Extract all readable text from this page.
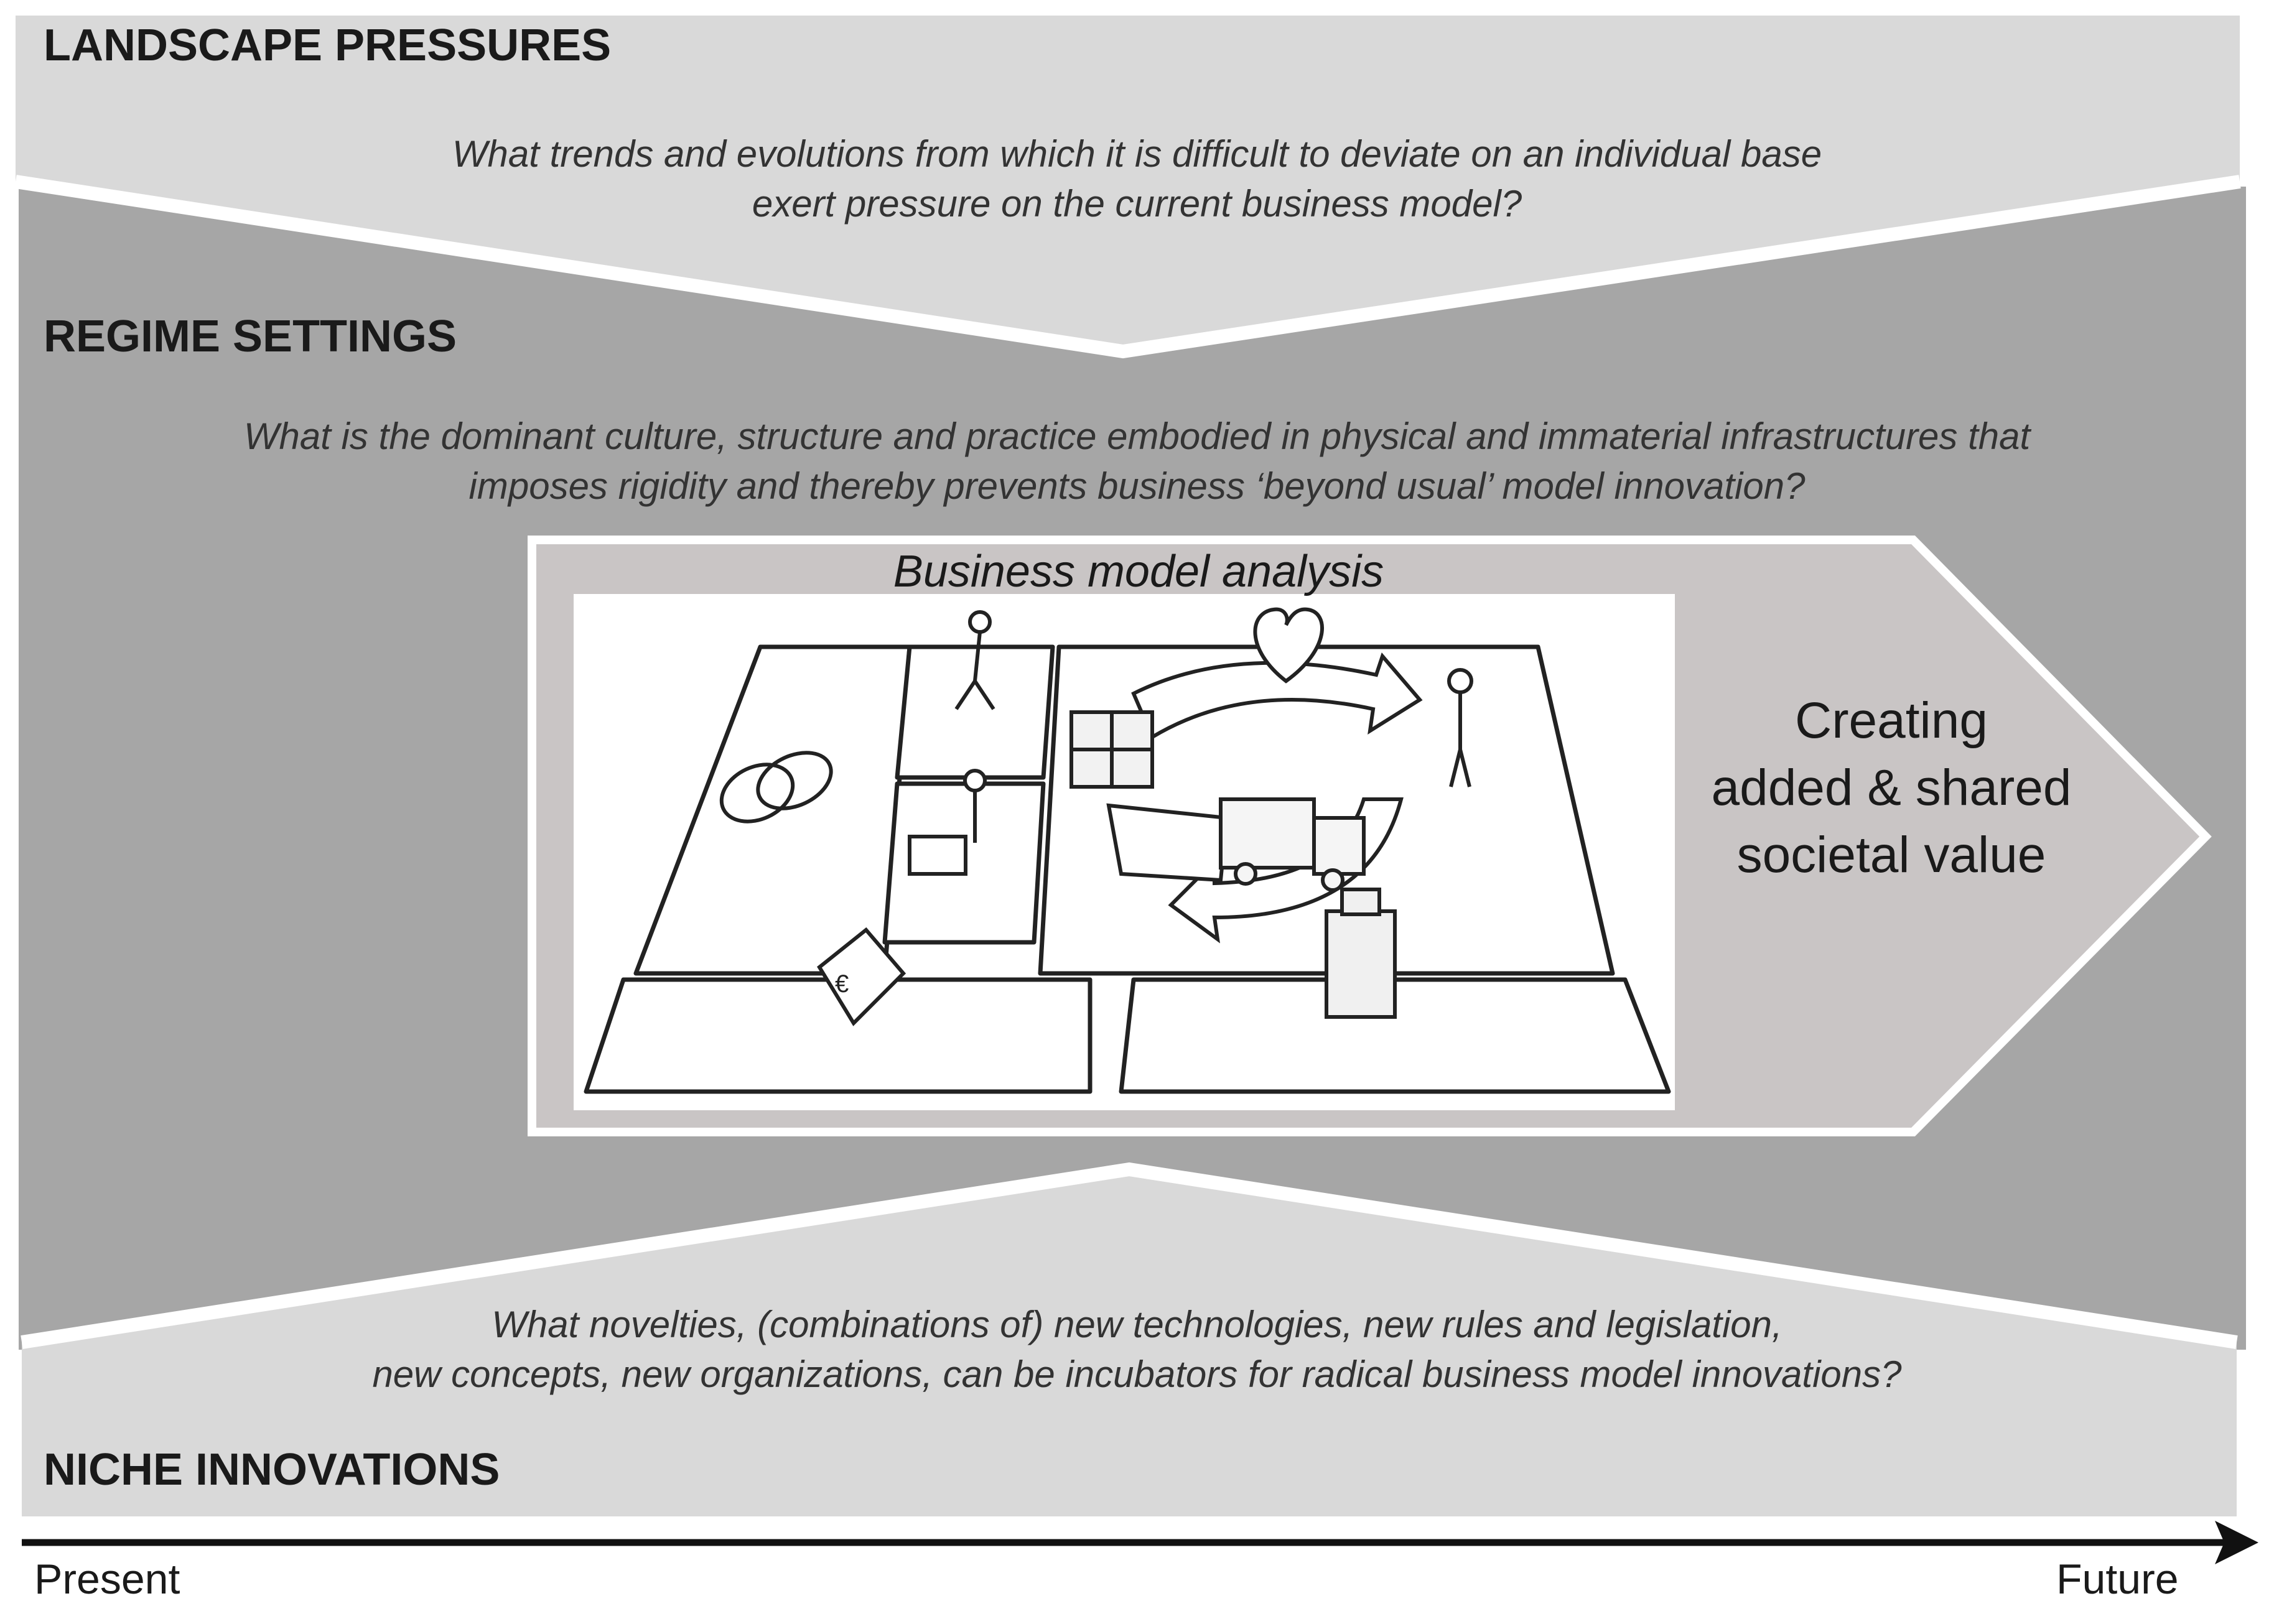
€
LANDSCAPE PRESSURES

What trends and evolutions from which it is difficult to deviate on an individual base
exert pressure on the current business model?

REGIME SETTINGS

What is the dominant culture, structure and practice embodied in physical and immaterial infrastructures that
imposes rigidity and thereby prevents business ‘beyond usual’ model innovation?

Business model analysis
Creating
added & shared
societal value

What novelties, (combinations of) new technologies, new rules and legislation,
new concepts, new organizations, can be incubators for radical business model innovations?

NICHE INNOVATIONS
Present	Future
